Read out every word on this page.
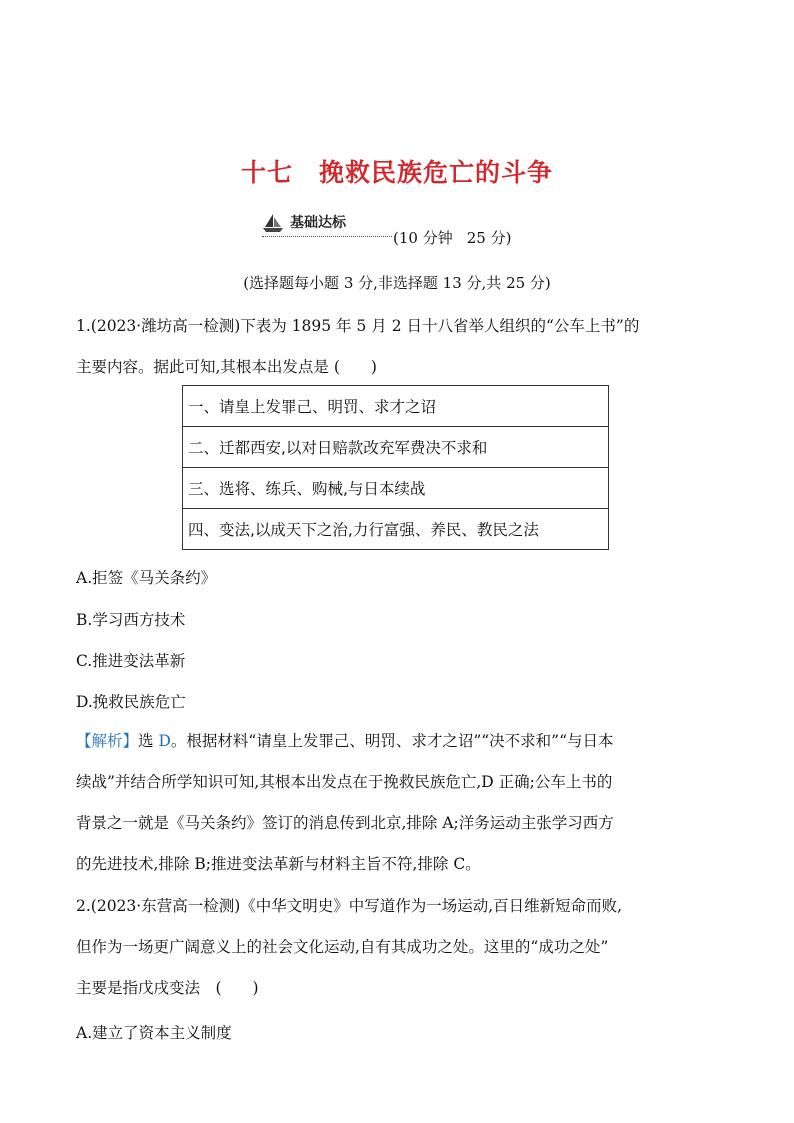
十七 挽救民族危亡的斗争
基础达标
(10 分钟 25 分)
(选择题每小题 3 分,非选择题 13 分,共 25 分)
1.(2023·潍坊高一检测)下表为 1895 年 5 月 2 日十八省举人组织的“公车上书”的
主要内容。据此可知,其根本出发点是 (　　)
一、请皇上发罪己、明罚、求才之诏
二、迁都西安,以对日赔款改充军费决不求和
三、选将、练兵、购械,与日本续战
四、变法,以成天下之治,力行富强、养民、教民之法
A.拒签《马关条约》
B.学习西方技术
C.推进变法革新
D.挽救民族危亡
【解析】选 D。根据材料“请皇上发罪己、明罚、求才之诏”“决不求和”“与日本
续战”并结合所学知识可知,其根本出发点在于挽救民族危亡,D 正确;公车上书的
背景之一就是《马关条约》签订的消息传到北京,排除 A;洋务运动主张学习西方
的先进技术,排除 B;推进变法革新与材料主旨不符,排除 C。
2.(2023·东营高一检测)《中华文明史》中写道作为一场运动,百日维新短命而败,
但作为一场更广阔意义上的社会文化运动,自有其成功之处。这里的“成功之处”
主要是指戊戌变法　(　　)
A.建立了资本主义制度
